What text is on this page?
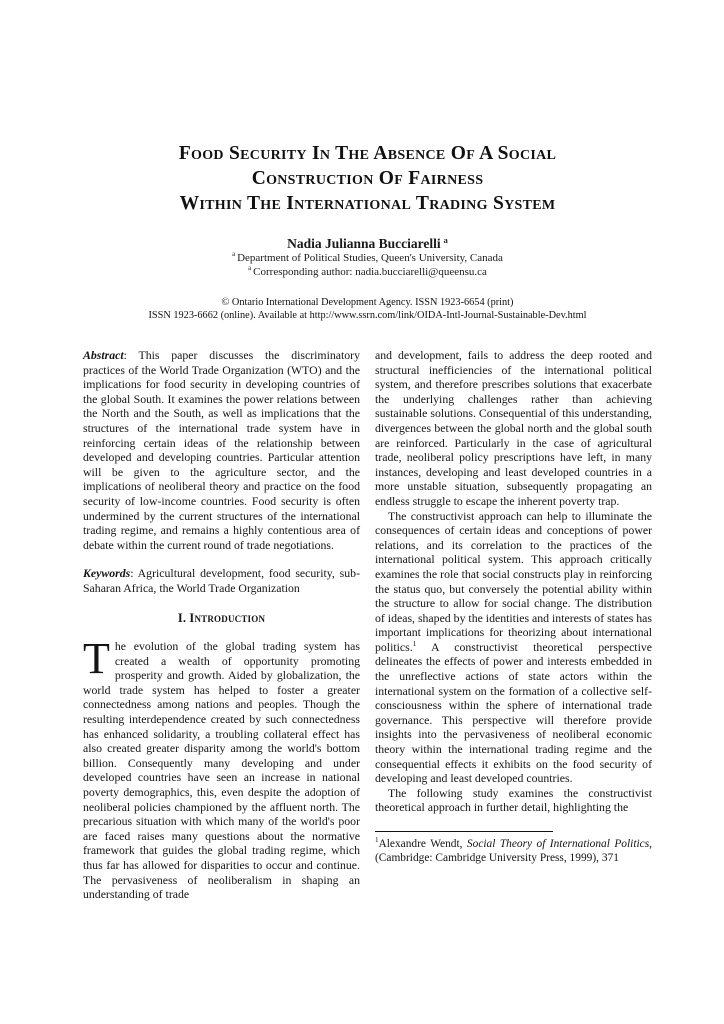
Food Security In The Absence Of A Social
Construction Of Fairness
Within The International Trading System
Nadia Julianna Bucciarelli $^a$
$^a$ Department of Political Studies, Queen's University, Canada
$^a$ Corresponding author: nadia.bucciarelli@queensu.ca
© Ontario International Development Agency. ISSN 1923-6654 (print)
ISSN 1923-6662 (online). Available at http://www.ssrn.com/link/OIDA-Intl-Journal-Sustainable-Dev.html

Abstract: This paper discusses the discriminatory practices of the World Trade Organization (WTO) and the implications for food security in developing countries of the global South. It examines the power relations between the North and the South, as well as implications that the structures of the international trade system have in reinforcing certain ideas of the relationship between developed and developing countries. Particular attention will be given to the agriculture sector, and the implications of neoliberal theory and practice on the food security of low-income countries. Food security is often undermined by the current structures of the international trading regime, and remains a highly contentious area of debate within the current round of trade negotiations.

Keywords: Agricultural development, food security, sub-Saharan Africa, the World Trade Organization

I. Introduction

The evolution of the global trading system has created a wealth of opportunity promoting prosperity and growth. Aided by globalization, the world trade system has helped to foster a greater connectedness among nations and peoples. Though the resulting interdependence created by such connectedness has enhanced solidarity, a troubling collateral effect has also created greater disparity among the world's bottom billion. Consequently many developing and under developed countries have seen an increase in national poverty demographics, this, even despite the adoption of neoliberal policies championed by the affluent north. The precarious situation with which many of the world's poor are faced raises many questions about the normative framework that guides the global trading regime, which thus far has allowed for disparities to occur and continue. The pervasiveness of neoliberalism in shaping an understanding of trade

and development, fails to address the deep rooted and structural inefficiencies of the international political system, and therefore prescribes solutions that exacerbate the underlying challenges rather than achieving sustainable solutions. Consequential of this understanding, divergences between the global north and the global south are reinforced. Particularly in the case of agricultural trade, neoliberal policy prescriptions have left, in many instances, developing and least developed countries in a more unstable situation, subsequently propagating an endless struggle to escape the inherent poverty trap.

The constructivist approach can help to illuminate the consequences of certain ideas and conceptions of power relations, and its correlation to the practices of the international political system. This approach critically examines the role that social constructs play in reinforcing the status quo, but conversely the potential ability within the structure to allow for social change. The distribution of ideas, shaped by the identities and interests of states has important implications for theorizing about international politics.$^1$ A constructivist theoretical perspective delineates the effects of power and interests embedded in the unreflective actions of state actors within the international system on the formation of a collective self-consciousness within the sphere of international trade governance. This perspective will therefore provide insights into the pervasiveness of neoliberal economic theory within the international trading regime and the consequential effects it exhibits on the food security of developing and least developed countries.

The following study examines the constructivist theoretical approach in further detail, highlighting the

$^1$Alexandre Wendt, Social Theory of International Politics, (Cambridge: Cambridge University Press, 1999), 371
